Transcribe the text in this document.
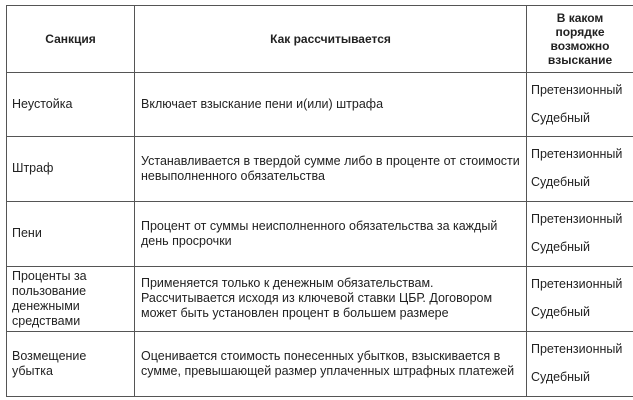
Санкция	Как рассчитывается	В каком порядке возможно взыскание
Неустойка	Включает взыскание пени и(или) штрафа	Претензионный
Судебный

Штраф	Устанавливается в твердой сумме либо в проценте от стоимости невыполненного обязательства	Претензионный
Судебный

Пени	Процент от суммы неисполненного обязательства за каждый день просрочки	Претензионный
Судебный

Проценты за пользование денежными средствами	Применяется только к денежным обязательствам. Рассчитывается исходя из ключевой ставки ЦБР. Договором может быть установлен процент в большем размере	Претензионный
Судебный

Возмещение убытка	Оценивается стоимость понесенных убытков, взыскивается в сумме, превышающей размер уплаченных штрафных платежей	Претензионный
Судебный
